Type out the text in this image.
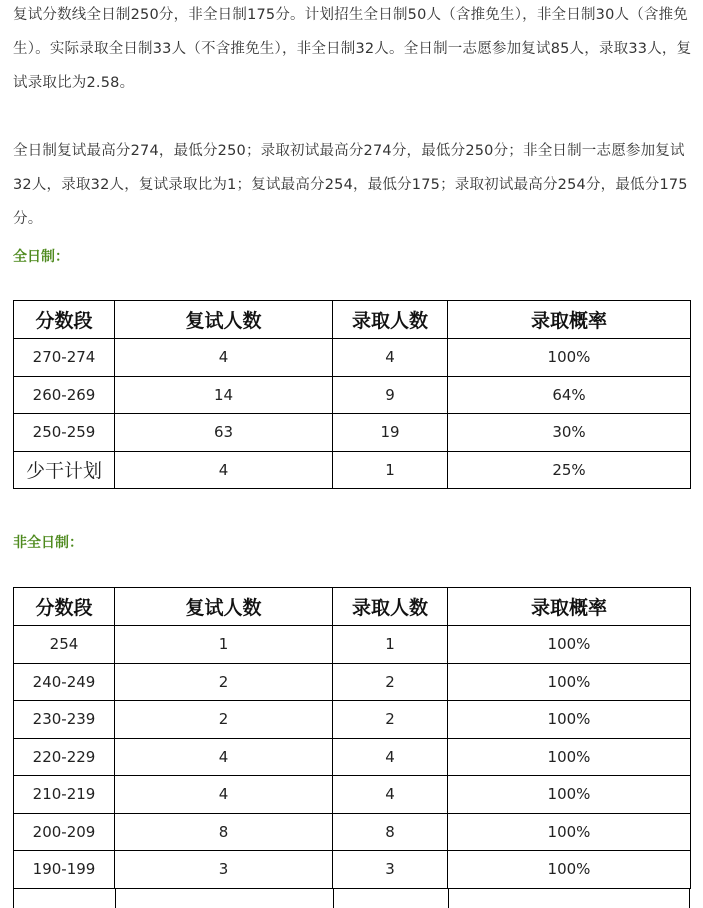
复试分数线全日制250分，非全日制175分。计划招生全日制50人（含推免生），非全日制30人（含推免生）。实际录取全日制33人（不含推免生），非全日制32人。全日制一志愿参加复试85人，录取33人，复试录取比为2.58。

全日制复试最高分274，最低分250；录取初试最高分274分，最低分250分；非全日制一志愿参加复试32人，录取32人，复试录取比为1；复试最高分254，最低分175；录取初试最高分254分，最低分175分。

全日制：

分数段	复试人数	录取人数	录取概率
270-274	4	4	100%
260-269	14	9	64%
250-259	63	19	30%
少干计划	4	1	25%

非全日制：

分数段	复试人数	录取人数	录取概率
254	1	1	100%
240-249	2	2	100%
230-239	2	2	100%
220-229	4	4	100%
210-219	4	4	100%
200-209	8	8	100%
190-199	3	3	100%
